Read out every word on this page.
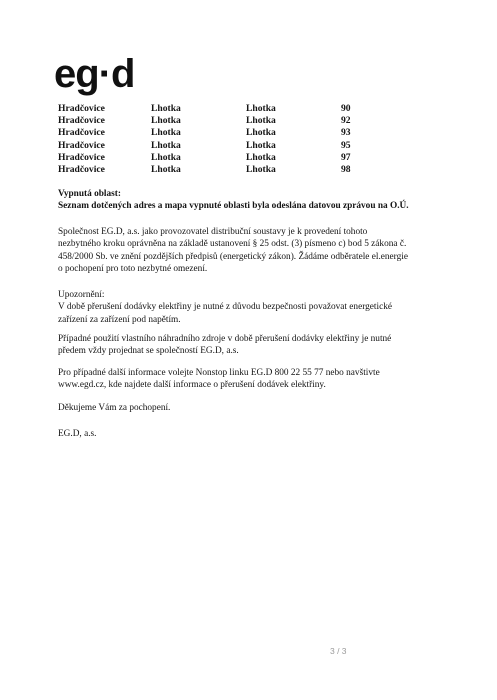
eg·d
Hradčovice	Lhotka	Lhotka	90
Hradčovice	Lhotka	Lhotka	92
Hradčovice	Lhotka	Lhotka	93
Hradčovice	Lhotka	Lhotka	95
Hradčovice	Lhotka	Lhotka	97
Hradčovice	Lhotka	Lhotka	98

Vypnutá oblast:

Seznam dotčených adres a mapa vypnuté oblasti byla odeslána datovou zprávou na O.Ú.

Společnost EG.D, a.s. jako provozovatel distribuční soustavy je k provedení tohoto

nezbytného kroku oprávněna na základě ustanovení § 25 odst. (3) písmeno c) bod 5 zákona č.

458/2000 Sb. ve znění pozdějších předpisů (energetický zákon). Žádáme odběratele el.energie

o pochopení pro toto nezbytné omezení.

Upozornění:

V době přerušení dodávky elektřiny je nutné z důvodu bezpečnosti považovat energetické

zařízení za zařízení pod napětím.

Případné použití vlastního náhradního zdroje v době přerušení dodávky elektřiny je nutné

předem vždy projednat se společností EG.D, a.s.

Pro případné další informace volejte Nonstop linku EG.D 800 22 55 77 nebo navštivte

www.egd.cz, kde najdete další informace o přerušení dodávek elektřiny.

Děkujeme Vám za pochopení.

EG.D, a.s.

3 / 3
